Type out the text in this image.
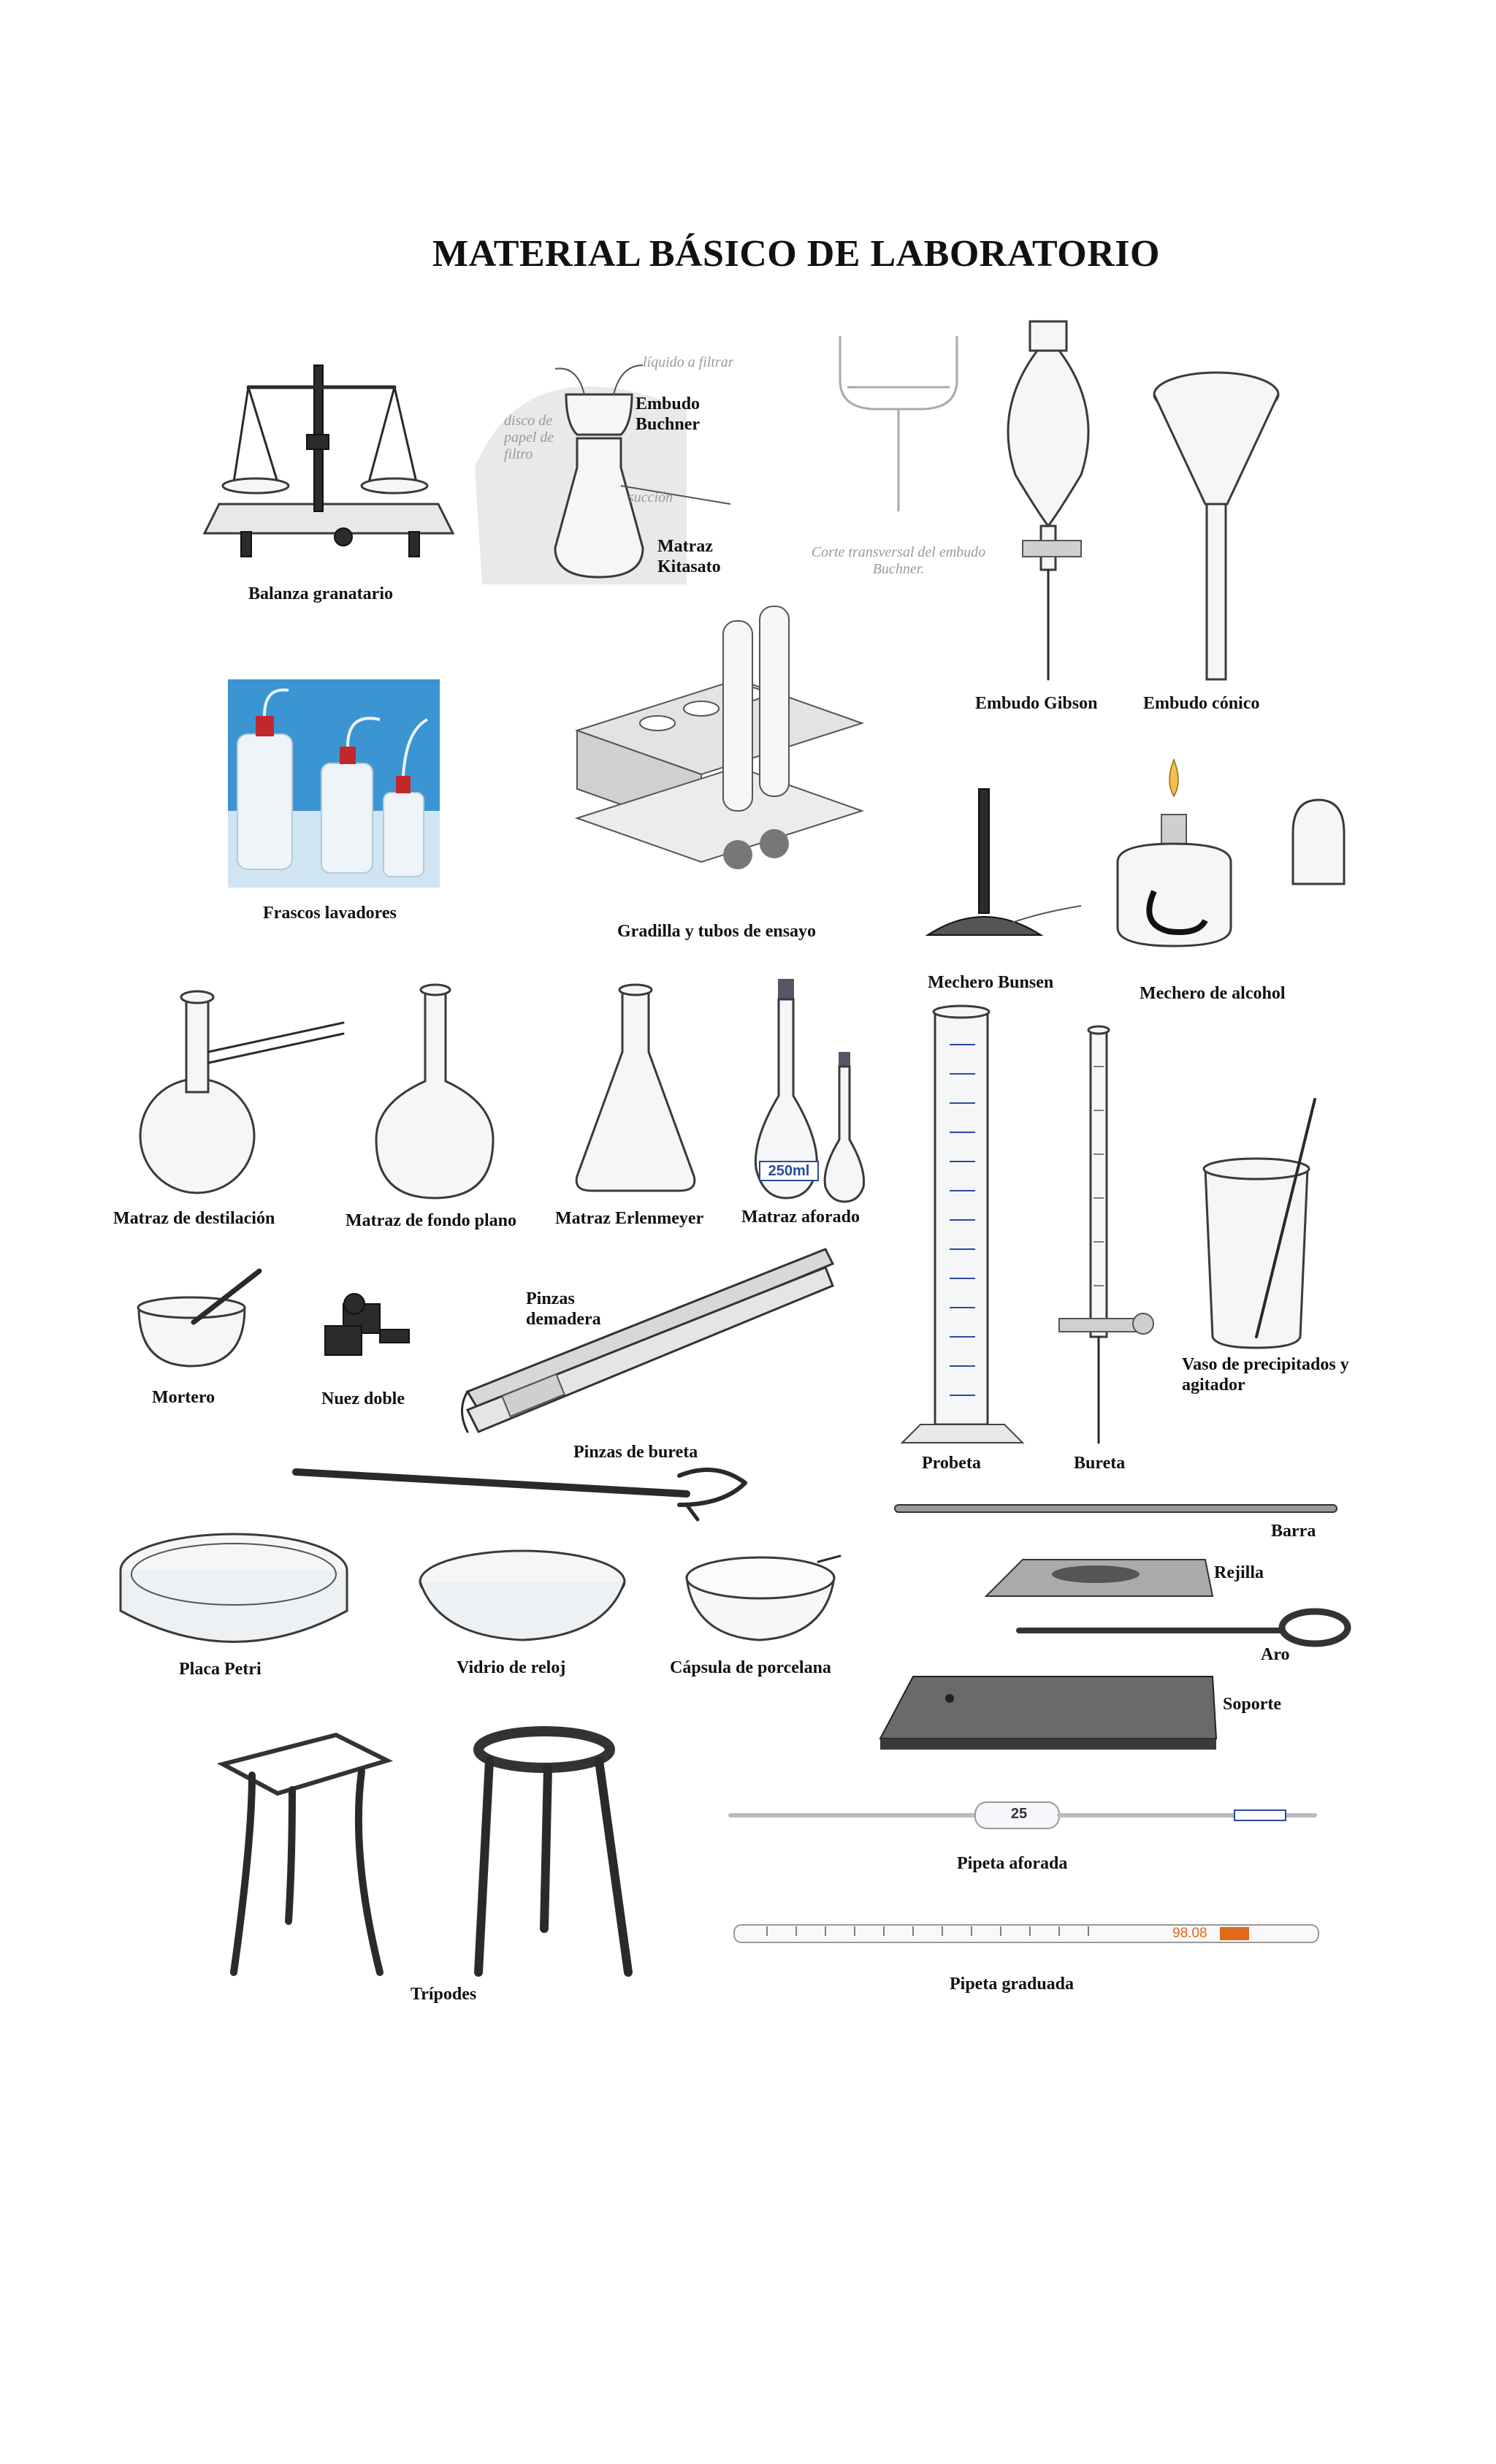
MATERIAL BÁSICO DE LABORATORIO
Balanza granatario
líquido a filtrar
disco de papel de filtro
succión
Embudo Buchner
Matraz Kitasato
Corte transversal del embudo Buchner.
Embudo Gibson	Embudo cónico
Frascos lavadores
Gradilla y tubos de ensayo
Mechero Bunsen
Mechero de alcohol
Matraz de destilación	Matraz de fondo plano Matraz Erlenmeyer Matraz aforado
250ml
Pinzas demadera
Mortero	Nuez doble
Pinzas de bureta
Probeta	Bureta
Vaso de precipitados y agitador
Barra
Rejilla
Aro
Soporte
Placa Petri	Vidrio de reloj	Cápsula de porcelana
25
Pipeta aforada
98.08
Pipeta graduada
Trípodes
